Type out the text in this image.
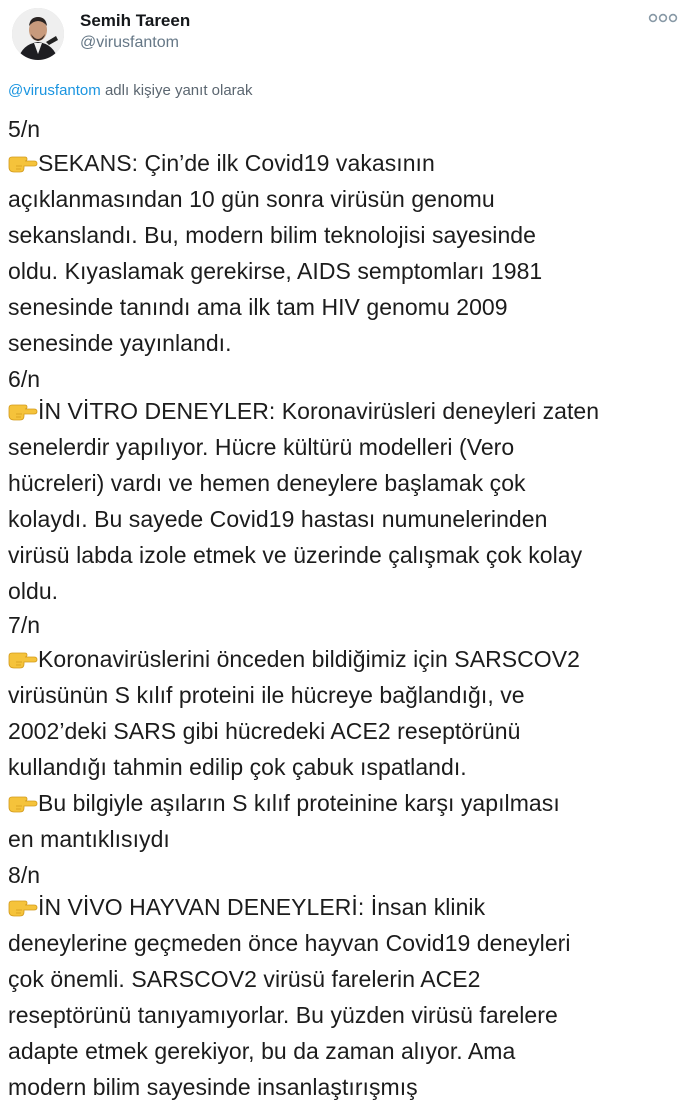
Semih Tareen
@virusfantom
@virusfantom adlı kişiye yanıt olarak
5/n
SEKANS: Çin’de ilk Covid19 vakasının
açıklanmasından 10 gün sonra virüsün genomu
sekanslandı. Bu, modern bilim teknolojisi sayesinde
oldu. Kıyaslamak gerekirse, AIDS semptomları 1981
senesinde tanındı ama ilk tam HIV genomu 2009
senesinde yayınlandı.
6/n
İN VİTRO DENEYLER: Koronavirüsleri deneyleri zaten
senelerdir yapılıyor. Hücre kültürü modelleri (Vero
hücreleri) vardı ve hemen deneylere başlamak çok
kolaydı. Bu sayede Covid19 hastası numunelerinden
virüsü labda izole etmek ve üzerinde çalışmak çok kolay
oldu.
7/n
Koronavirüslerini önceden bildiğimiz için SARSCOV2
virüsünün S kılıf proteini ile hücreye bağlandığı, ve
2002’deki SARS gibi hücredeki ACE2 reseptörünü
kullandığı tahmin edilip çok çabuk ıspatlandı.
Bu bilgiyle aşıların S kılıf proteinine karşı yapılması
en mantıklısıydı
8/n
İN VİVO HAYVAN DENEYLERİ: İnsan klinik
deneylerine geçmeden önce hayvan Covid19 deneyleri
çok önemli. SARSCOV2 virüsü farelerin ACE2
reseptörünü tanıyamıyorlar. Bu yüzden virüsü farelere
adapte etmek gerekiyor, bu da zaman alıyor. Ama
modern bilim sayesinde insanlaştırışmış
